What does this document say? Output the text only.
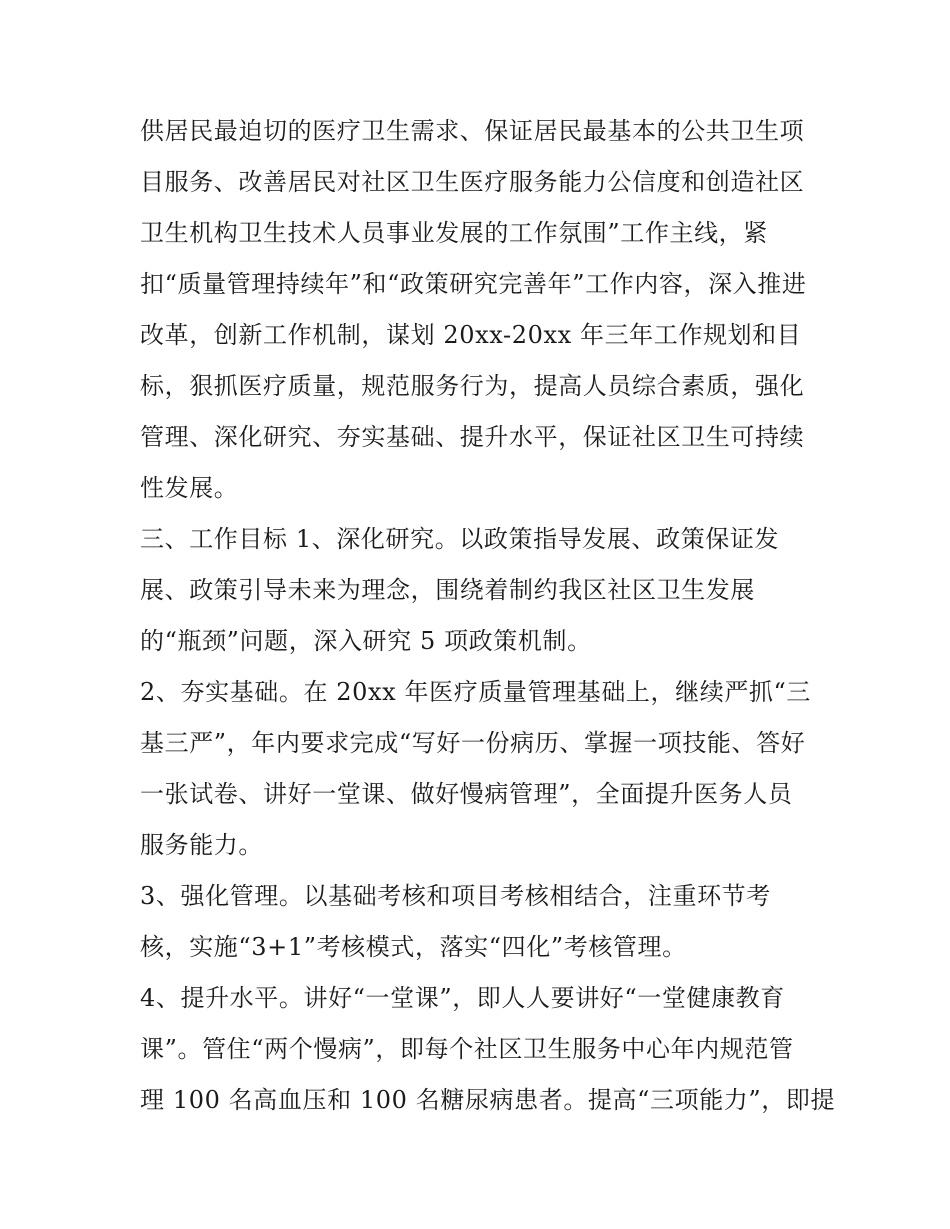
供居民最迫切的医疗卫生需求、保证居民最基本的公共卫生项
目服务、改善居民对社区卫生医疗服务能力公信度和创造社区
卫生机构卫生技术人员事业发展的工作氛围”工作主线，紧
扣“质量管理持续年”和“政策研究完善年”工作内容，深入推进
改革，创新工作机制，谋划 20xx-20xx 年三年工作规划和目
标，狠抓医疗质量，规范服务行为，提高人员综合素质，强化
管理、深化研究、夯实基础、提升水平，保证社区卫生可持续
性发展。
三、工作目标 1、深化研究。以政策指导发展、政策保证发
展、政策引导未来为理念，围绕着制约我区社区卫生发展
的“瓶颈”问题，深入研究 5 项政策机制。
2、夯实基础。在 20xx 年医疗质量管理基础上，继续严抓“三
基三严”，年内要求完成“写好一份病历、掌握一项技能、答好
一张试卷、讲好一堂课、做好慢病管理”，全面提升医务人员
服务能力。
3、强化管理。以基础考核和项目考核相结合，注重环节考
核，实施“3+1”考核模式，落实“四化”考核管理。
4、提升水平。讲好“一堂课”，即人人要讲好“一堂健康教育
课”。管住“两个慢病”，即每个社区卫生服务中心年内规范管
理 100 名高血压和 100 名糖尿病患者。提高“三项能力”，即提
